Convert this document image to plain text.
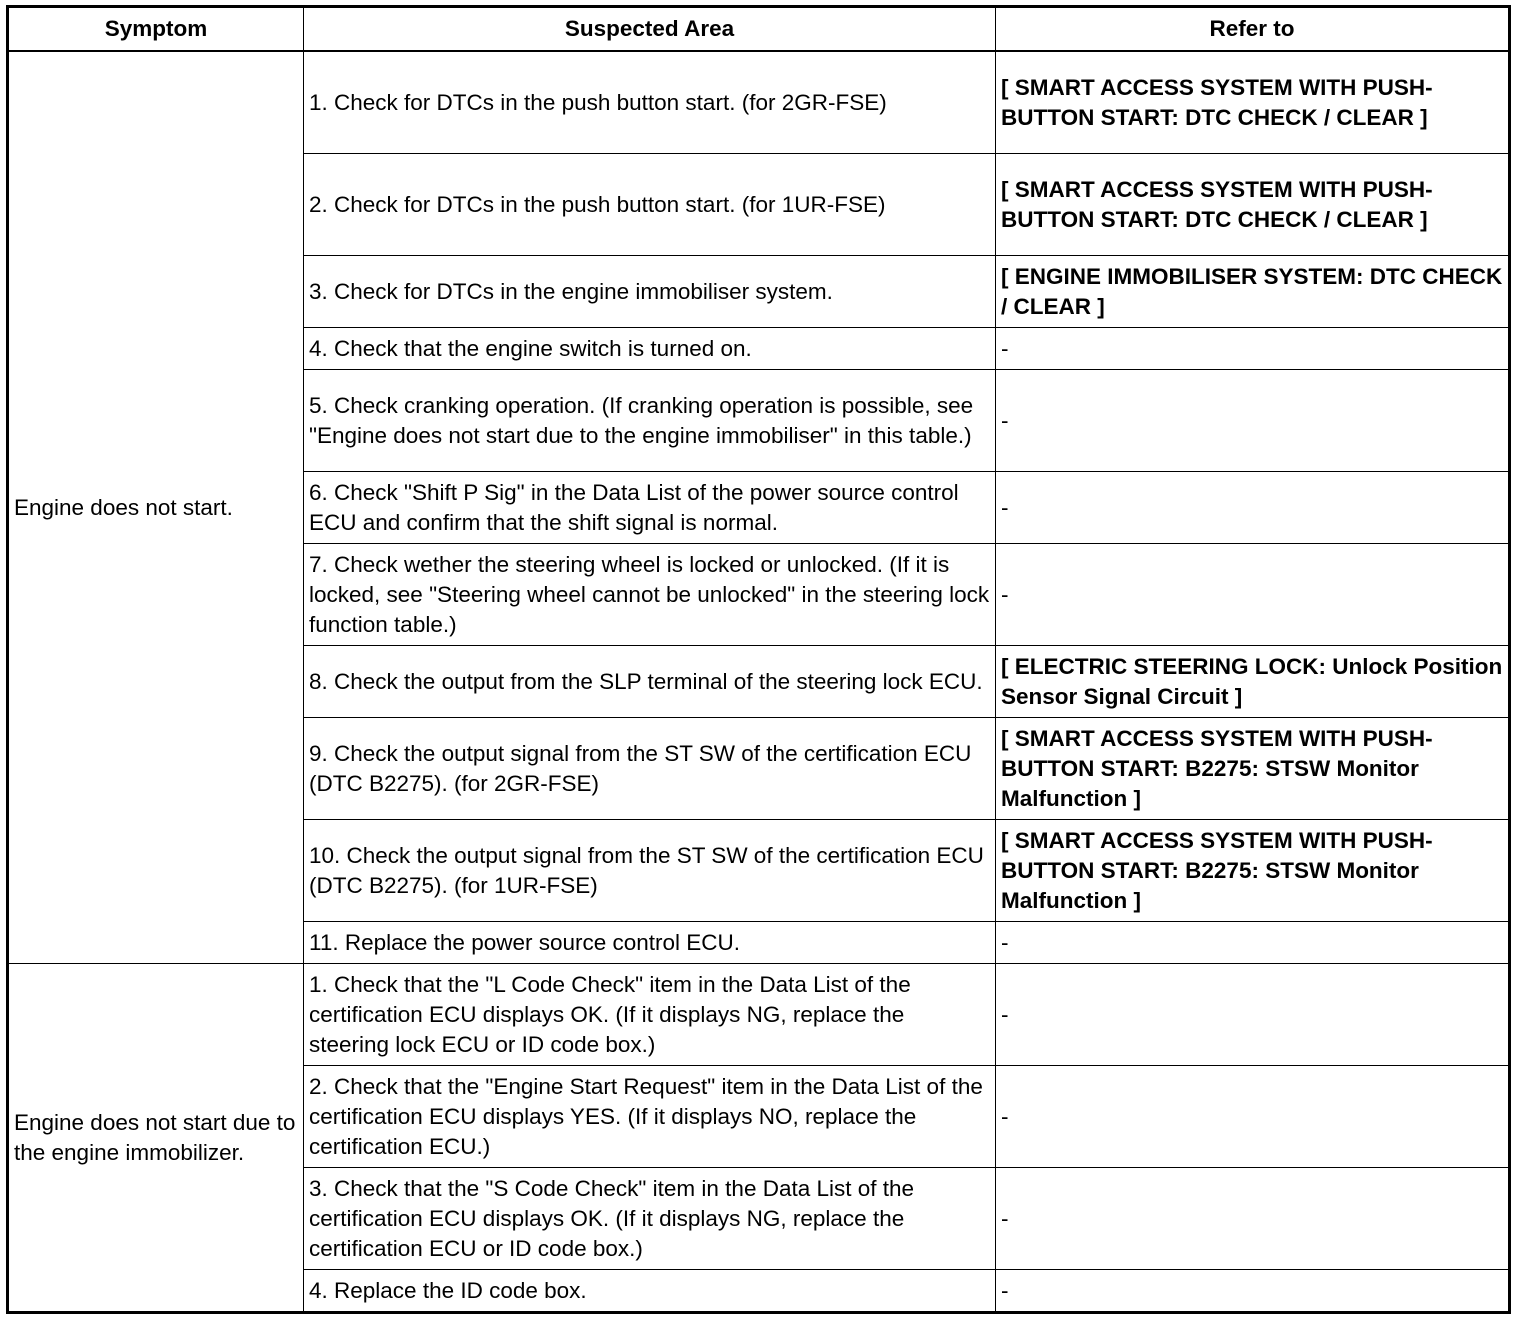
Symptom	Suspected Area	Refer to
Engine does not start.	1. Check for DTCs in the push button start. (for 2GR-FSE)	[ SMART ACCESS SYSTEM WITH PUSH-BUTTON START: DTC CHECK / CLEAR ]
	2. Check for DTCs in the push button start. (for 1UR-FSE)	[ SMART ACCESS SYSTEM WITH PUSH-BUTTON START: DTC CHECK / CLEAR ]
	3. Check for DTCs in the engine immobiliser system.	[ ENGINE IMMOBILISER SYSTEM: DTC CHECK / CLEAR ]
	4. Check that the engine switch is turned on.	-
	5. Check cranking operation. (If cranking operation is possible, see "Engine does not start due to the engine immobiliser" in this table.)	-
	6. Check "Shift P Sig" in the Data List of the power source control ECU and confirm that the shift signal is normal.	-
	7. Check wether the steering wheel is locked or unlocked. (If it is locked, see "Steering wheel cannot be unlocked" in the steering lock function table.)	-
	8. Check the output from the SLP terminal of the steering lock ECU.	[ ELECTRIC STEERING LOCK: Unlock Position Sensor Signal Circuit ]
	9. Check the output signal from the ST SW of the certification ECU (DTC B2275). (for 2GR-FSE)	[ SMART ACCESS SYSTEM WITH PUSH-BUTTON START: B2275: STSW Monitor Malfunction ]
	10. Check the output signal from the ST SW of the certification ECU (DTC B2275). (for 1UR-FSE)	[ SMART ACCESS SYSTEM WITH PUSH-BUTTON START: B2275: STSW Monitor Malfunction ]
	11. Replace the power source control ECU.	-
Engine does not start due to the engine immobilizer.	1. Check that the "L Code Check" item in the Data List of the certification ECU displays OK. (If it displays NG, replace the steering lock ECU or ID code box.)	-
	2. Check that the "Engine Start Request" item in the Data List of the certification ECU displays YES. (If it displays NO, replace the certification ECU.)	-
	3. Check that the "S Code Check" item in the Data List of the certification ECU displays OK. (If it displays NG, replace the certification ECU or ID code box.)	-
	4. Replace the ID code box.	-
